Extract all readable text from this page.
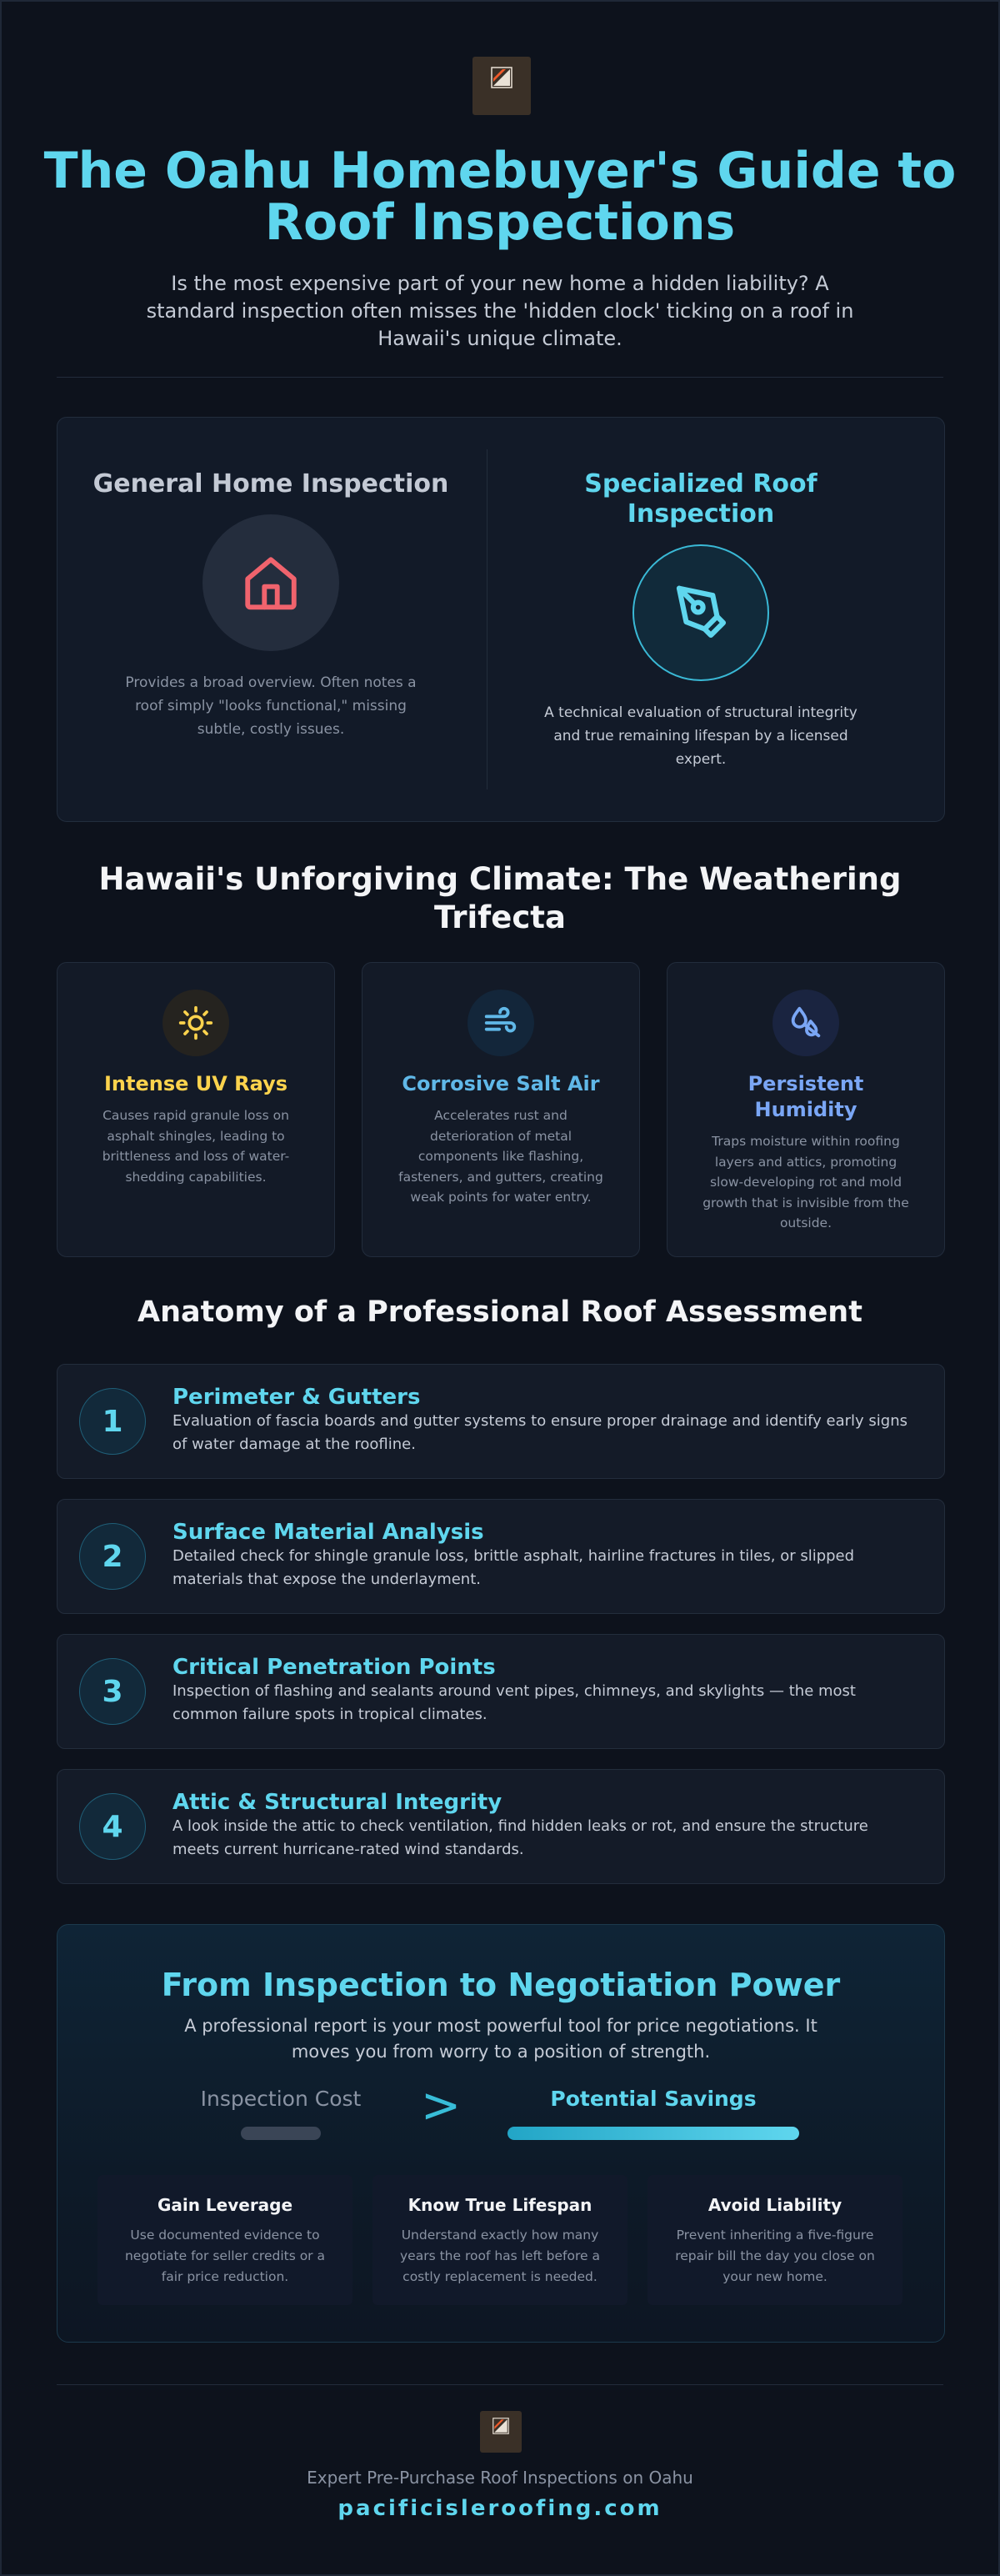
The Oahu Homebuyer's Guide to Roof Inspections

Is the most expensive part of your new home a hidden liability? A standard inspection often misses the 'hidden clock' ticking on a roof in Hawaii's unique climate.

General Home Inspection

Provides a broad overview. Often notes a roof simply "looks functional," missing subtle, costly issues.

Specialized Roof Inspection

A technical evaluation of structural integrity and true remaining lifespan by a licensed expert.

Hawaii's Unforgiving Climate: The Weathering Trifecta
Intense UV Rays

Causes rapid granule loss on asphalt shingles, leading to brittleness and loss of water-shedding capabilities.

Corrosive Salt Air

Accelerates rust and deterioration of metal components like flashing, fasteners, and gutters, creating weak points for water entry.

Persistent Humidity

Traps moisture within roofing layers and attics, promoting slow-developing rot and mold growth that is invisible from the outside.

Anatomy of a Professional Roof Assessment
1
Perimeter & Gutters

Evaluation of fascia boards and gutter systems to ensure proper drainage and identify early signs of water damage at the roofline.

2
Surface Material Analysis

Detailed check for shingle granule loss, brittle asphalt, hairline fractures in tiles, or slipped materials that expose the underlayment.

3
Critical Penetration Points

Inspection of flashing and sealants around vent pipes, chimneys, and skylights — the most common failure spots in tropical climates.

4
Attic & Structural Integrity

A look inside the attic to check ventilation, find hidden leaks or rot, and ensure the structure meets current hurricane-rated wind standards.

From Inspection to Negotiation Power

A professional report is your most powerful tool for price negotiations. It moves you from worry to a position of strength.

Inspection Cost	>	Potential Savings
Gain Leverage

Use documented evidence to negotiate for seller credits or a fair price reduction.

Know True Lifespan

Understand exactly how many years the roof has left before a costly replacement is needed.

Avoid Liability

Prevent inheriting a five-figure repair bill the day you close on your new home.

Expert Pre-Purchase Roof Inspections on Oahu
pacificisleroofing.com
